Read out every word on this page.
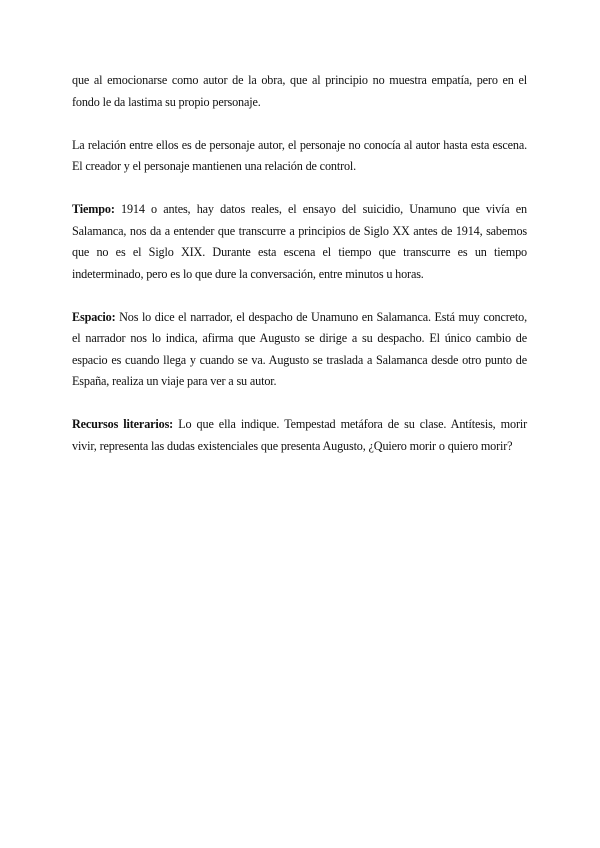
que al emocionarse como autor de la obra, que al principio no muestra empatía, pero en el fondo le da lastima su propio personaje.

La relación entre ellos es de personaje autor, el personaje no conocía al autor hasta esta escena. El creador y el personaje mantienen una relación de control.

Tiempo: 1914 o antes, hay datos reales, el ensayo del suicidio, Unamuno que vivía en Salamanca, nos da a entender que transcurre a principios de Siglo XX antes de 1914, sabemos que no es el Siglo XIX. Durante esta escena el tiempo que transcurre es un tiempo indeterminado, pero es lo que dure la conversación, entre minutos u horas.

Espacio: Nos lo dice el narrador, el despacho de Unamuno en Salamanca. Está muy concreto, el narrador nos lo indica, afirma que Augusto se dirige a su despacho. El único cambio de espacio es cuando llega y cuando se va. Augusto se traslada a Salamanca desde otro punto de España, realiza un viaje para ver a su autor.

Recursos literarios: Lo que ella indique. Tempestad metáfora de su clase. Antítesis, morir vivir, representa las dudas existenciales que presenta Augusto, ¿Quiero morir o quiero morir?
